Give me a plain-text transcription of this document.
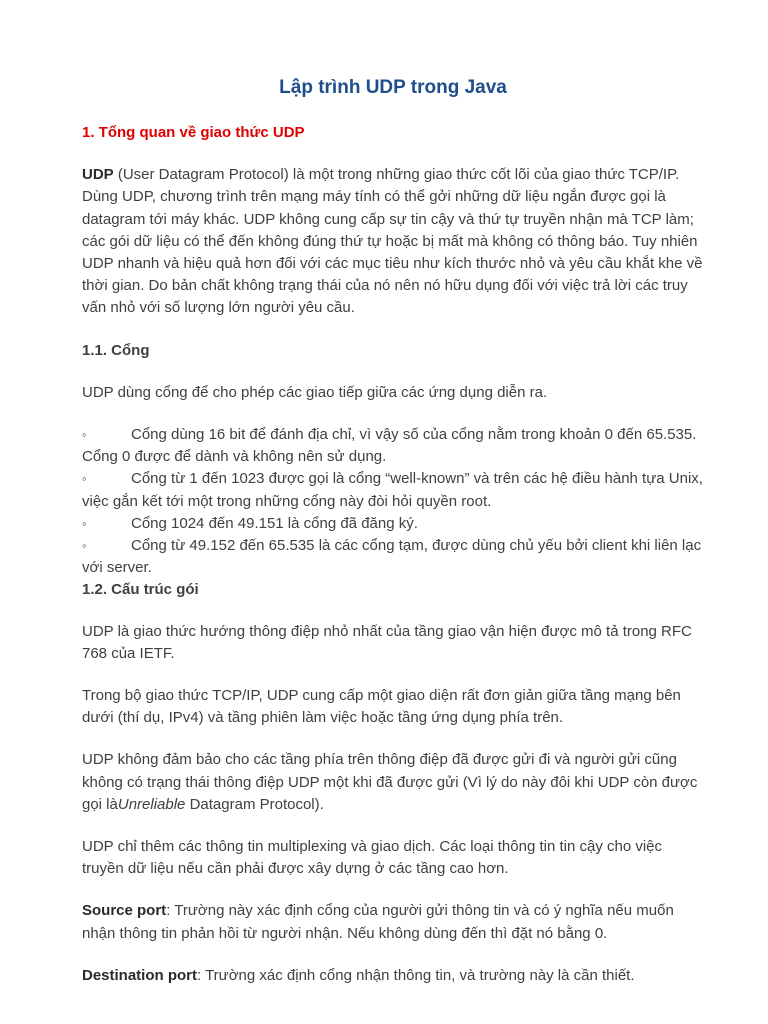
Lập trình UDP trong Java
1. Tổng quan về giao thức UDP

UDP (User Datagram Protocol) là một trong những giao thức cốt lõi của giao thức TCP/IP. Dùng UDP, chương trình trên mạng máy tính có thể gởi những dữ liệu ngắn được gọi là datagram tới máy khác. UDP không cung cấp sự tin cậy và thứ tự truyền nhận mà TCP làm; các gói dữ liệu có thể đến không đúng thứ tự hoặc bị mất mà không có thông báo. Tuy nhiên UDP nhanh và hiệu quả hơn đối với các mục tiêu như kích thước nhỏ và yêu cầu khắt khe về thời gian. Do bản chất không trạng thái của nó nên nó hữu dụng đối với việc trả lời các truy vấn nhỏ với số lượng lớn người yêu cầu.

1.1. Cổng

UDP dùng cổng để cho phép các giao tiếp giữa các ứng dụng diễn ra.

◦	Cổng dùng 16 bit để đánh địa chỉ, vì vậy số của cổng nằm trong khoản 0 đến 65.535. Cổng 0 được để dành và không nên sử dụng.
◦	Cổng từ 1 đến 1023 được gọi là cổng “well-known” và trên các hệ điều hành tựa Unix, việc gắn kết tới một trong những cổng này đòi hỏi quyền root.
◦	Cổng 1024 đến 49.151 là cổng đã đăng ký.
◦	Cổng từ 49.152 đến 65.535 là các cổng tạm, được dùng chủ yếu bởi client khi liên lạc với server.
1.2. Cấu trúc gói

UDP là giao thức hướng thông điệp nhỏ nhất của tầng giao vận hiện được mô tả trong RFC 768 của IETF.

Trong bộ giao thức TCP/IP, UDP cung cấp một giao diện rất đơn giản giữa tầng mạng bên dưới (thí dụ, IPv4) và tầng phiên làm việc hoặc tầng ứng dụng phía trên.

UDP không đảm bảo cho các tầng phía trên thông điệp đã được gửi đi và người gửi cũng không có trạng thái thông điệp UDP một khi đã được gửi (Vì lý do này đôi khi UDP còn được gọi làUnreliable Datagram Protocol).

UDP chỉ thêm các thông tin multiplexing và giao dịch. Các loại thông tin tin cậy cho việc truyền dữ liệu nếu cần phải được xây dựng ở các tầng cao hơn.

Source port: Trường này xác định cổng của người gửi thông tin và có ý nghĩa nếu muốn nhận thông tin phản hồi từ người nhận. Nếu không dùng đến thì đặt nó bằng 0.

Destination port: Trường xác định cổng nhận thông tin, và trường này là cần thiết.
